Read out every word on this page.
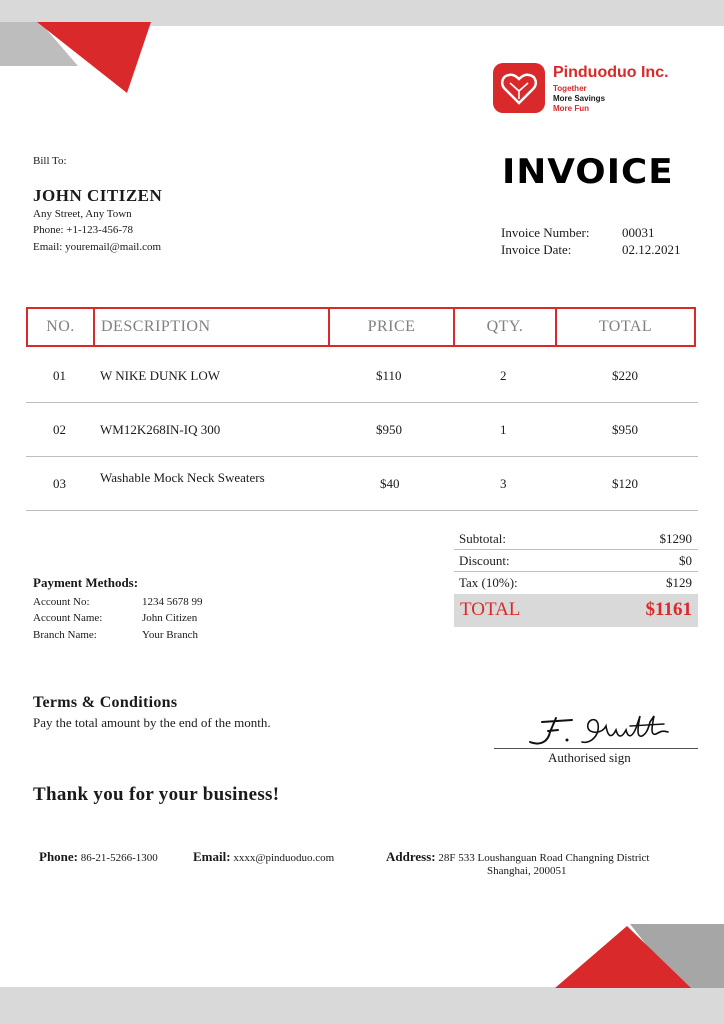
Pinduoduo Inc.
Together
More Savings
More Fun
INVOICE
Bill To:
JOHN CITIZEN
Any Street, Any Town
Phone: +1-123-456-78
Email: youremail@mail.com
Invoice Number:	00031
Invoice Date:	02.12.2021
NO.	DESCRIPTION	PRICE	QTY.	TOTAL
01	W NIKE DUNK LOW	$110	2	$220
02	WM12K268IN-IQ 300	$950	1	$950
03	Washable Mock Neck Sweaters	$40	3	$120
Subtotal:	$1290
Discount:	$0
Tax (10%):	$129
TOTAL	$1161
Payment Methods:
Account No:	1234 5678 99
Account Name:	John Citizen
Branch Name:	Your Branch
Terms & Conditions
Pay the total amount by the end of the month.
Authorised sign
Thank you for your business!
Phone: 86-21-5266-1300	Email: xxxx@pinduoduo.com	Address: 28F 533 Loushanguan Road Changning District
Shanghai, 200051
